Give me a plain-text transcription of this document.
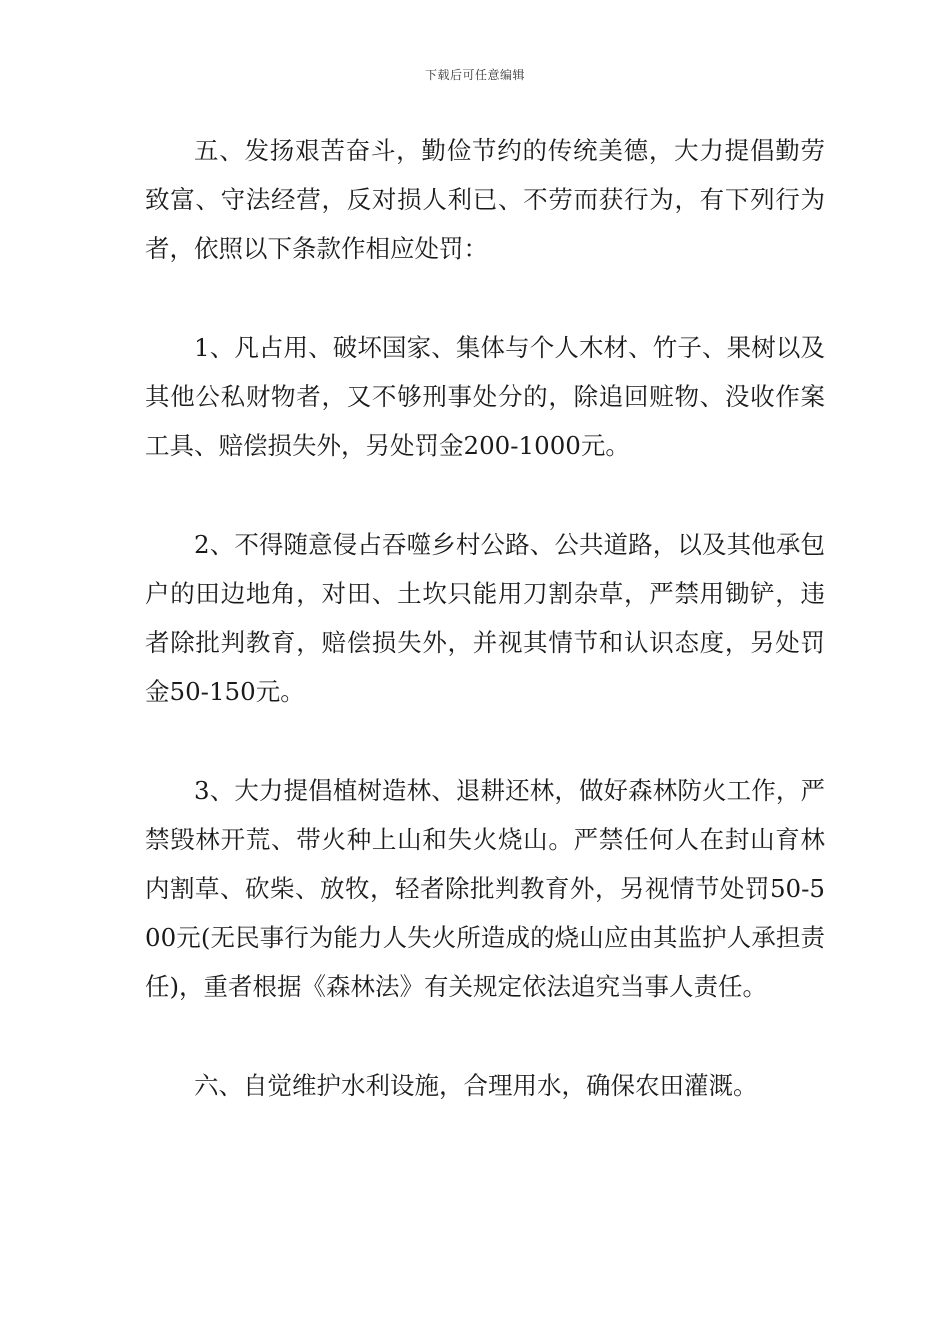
下载后可任意编辑

五、发扬艰苦奋斗，勤俭节约的传统美德，大力提倡勤劳致富、守法经营，反对损人利已、不劳而获行为，有下列行为者，依照以下条款作相应处罚：

1、凡占用、破坏国家、集体与个人木材、竹子、果树以及其他公私财物者，又不够刑事处分的，除追回赃物、没收作案工具、赔偿损失外，另处罚金200-1000元。

2、不得随意侵占吞噬乡村公路、公共道路，以及其他承包户的田边地角，对田、土坎只能用刀割杂草，严禁用锄铲，违者除批判教育，赔偿损失外，并视其情节和认识态度，另处罚金50-150元。

3、大力提倡植树造林、退耕还林，做好森林防火工作，严禁毁林开荒、带火种上山和失火烧山。严禁任何人在封山育林内割草、砍柴、放牧，轻者除批判教育外，另视情节处罚50-500元(无民事行为能力人失火所造成的烧山应由其监护人承担责任)，重者根据《森林法》有关规定依法追究当事人责任。

六、自觉维护水利设施，合理用水，确保农田灌溉。
